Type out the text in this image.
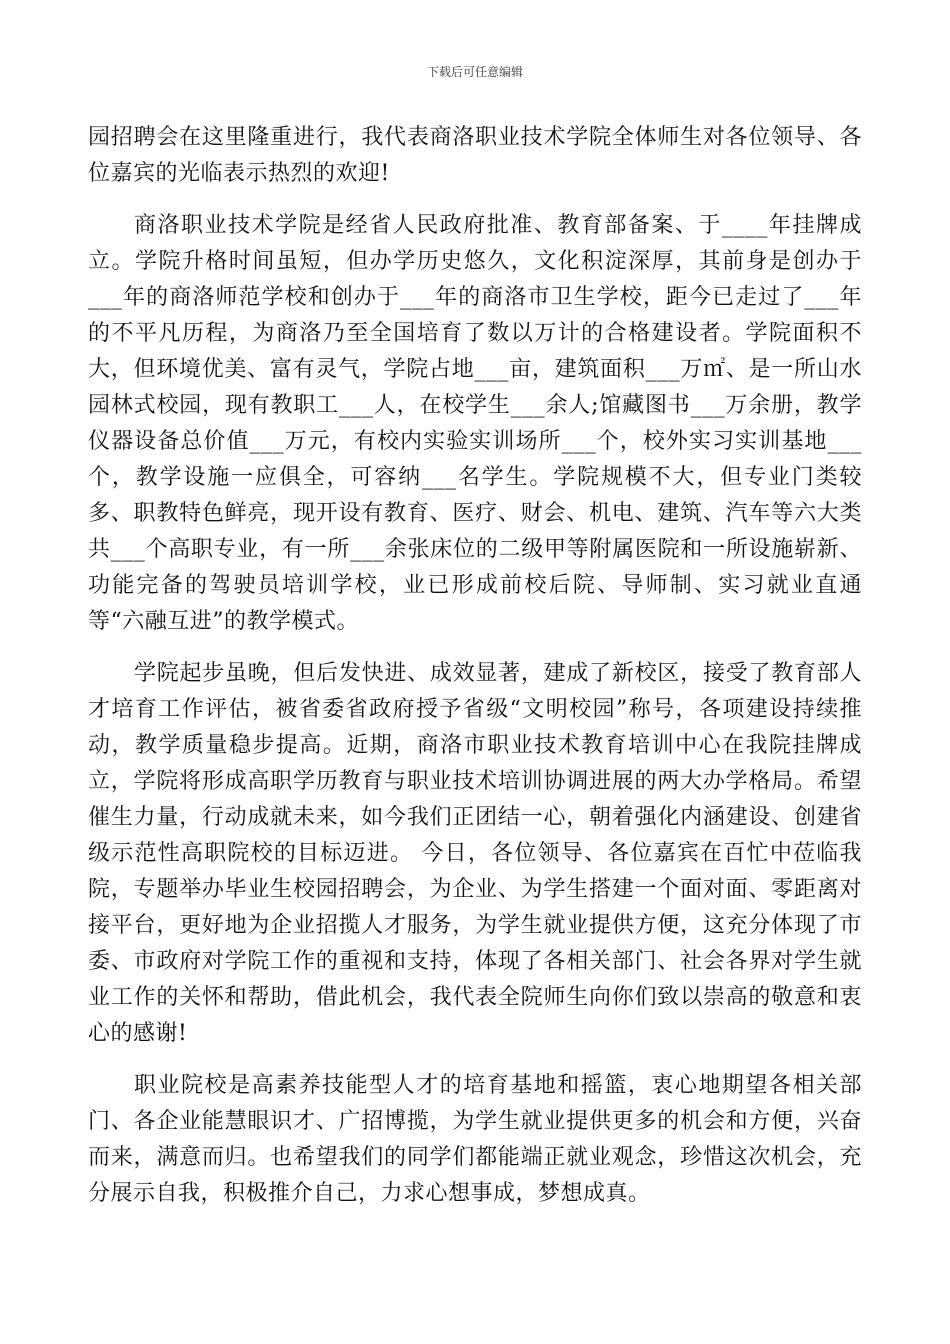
下载后可任意编辑

园招聘会在这里隆重进行，我代表商洛职业技术学院全体师生对各位领导、各位嘉宾的光临表示热烈的欢迎!

商洛职业技术学院是经省人民政府批准、教育部备案、于____年挂牌成立。学院升格时间虽短，但办学历史悠久，文化积淀深厚，其前身是创办于___年的商洛师范学校和创办于___年的商洛市卫生学校，距今已走过了___年的不平凡历程，为商洛乃至全国培育了数以万计的合格建设者。学院面积不大，但环境优美、富有灵气，学院占地___亩，建筑面积___万㎡、是一所山水园林式校园，现有教职工___人，在校学生___余人;馆藏图书___万余册，教学仪器设备总价值___万元，有校内实验实训场所___个，校外实习实训基地___个，教学设施一应俱全，可容纳___名学生。学院规模不大，但专业门类较多、职教特色鲜亮，现开设有教育、医疗、财会、机电、建筑、汽车等六大类共___个高职专业，有一所___余张床位的二级甲等附属医院和一所设施崭新、功能完备的驾驶员培训学校，业已形成前校后院、导师制、实习就业直通等“六融互进”的教学模式。

学院起步虽晚，但后发快进、成效显著，建成了新校区，接受了教育部人才培育工作评估，被省委省政府授予省级“文明校园”称号，各项建设持续推动，教学质量稳步提高。近期，商洛市职业技术教育培训中心在我院挂牌成立，学院将形成高职学历教育与职业技术培训协调进展的两大办学格局。希望催生力量，行动成就未来，如今我们正团结一心，朝着强化内涵建设、创建省级示范性高职院校的目标迈进。 今日，各位领导、各位嘉宾在百忙中莅临我院，专题举办毕业生校园招聘会，为企业、为学生搭建一个面对面、零距离对接平台，更好地为企业招揽人才服务，为学生就业提供方便，这充分体现了市委、市政府对学院工作的重视和支持，体现了各相关部门、社会各界对学生就业工作的关怀和帮助，借此机会，我代表全院师生向你们致以崇高的敬意和衷心的感谢!

职业院校是高素养技能型人才的培育基地和摇篮，衷心地期望各相关部门、各企业能慧眼识才、广招博揽，为学生就业提供更多的机会和方便，兴奋而来，满意而归。也希望我们的同学们都能端正就业观念，珍惜这次机会，充分展示自我，积极推介自己，力求心想事成，梦想成真。
